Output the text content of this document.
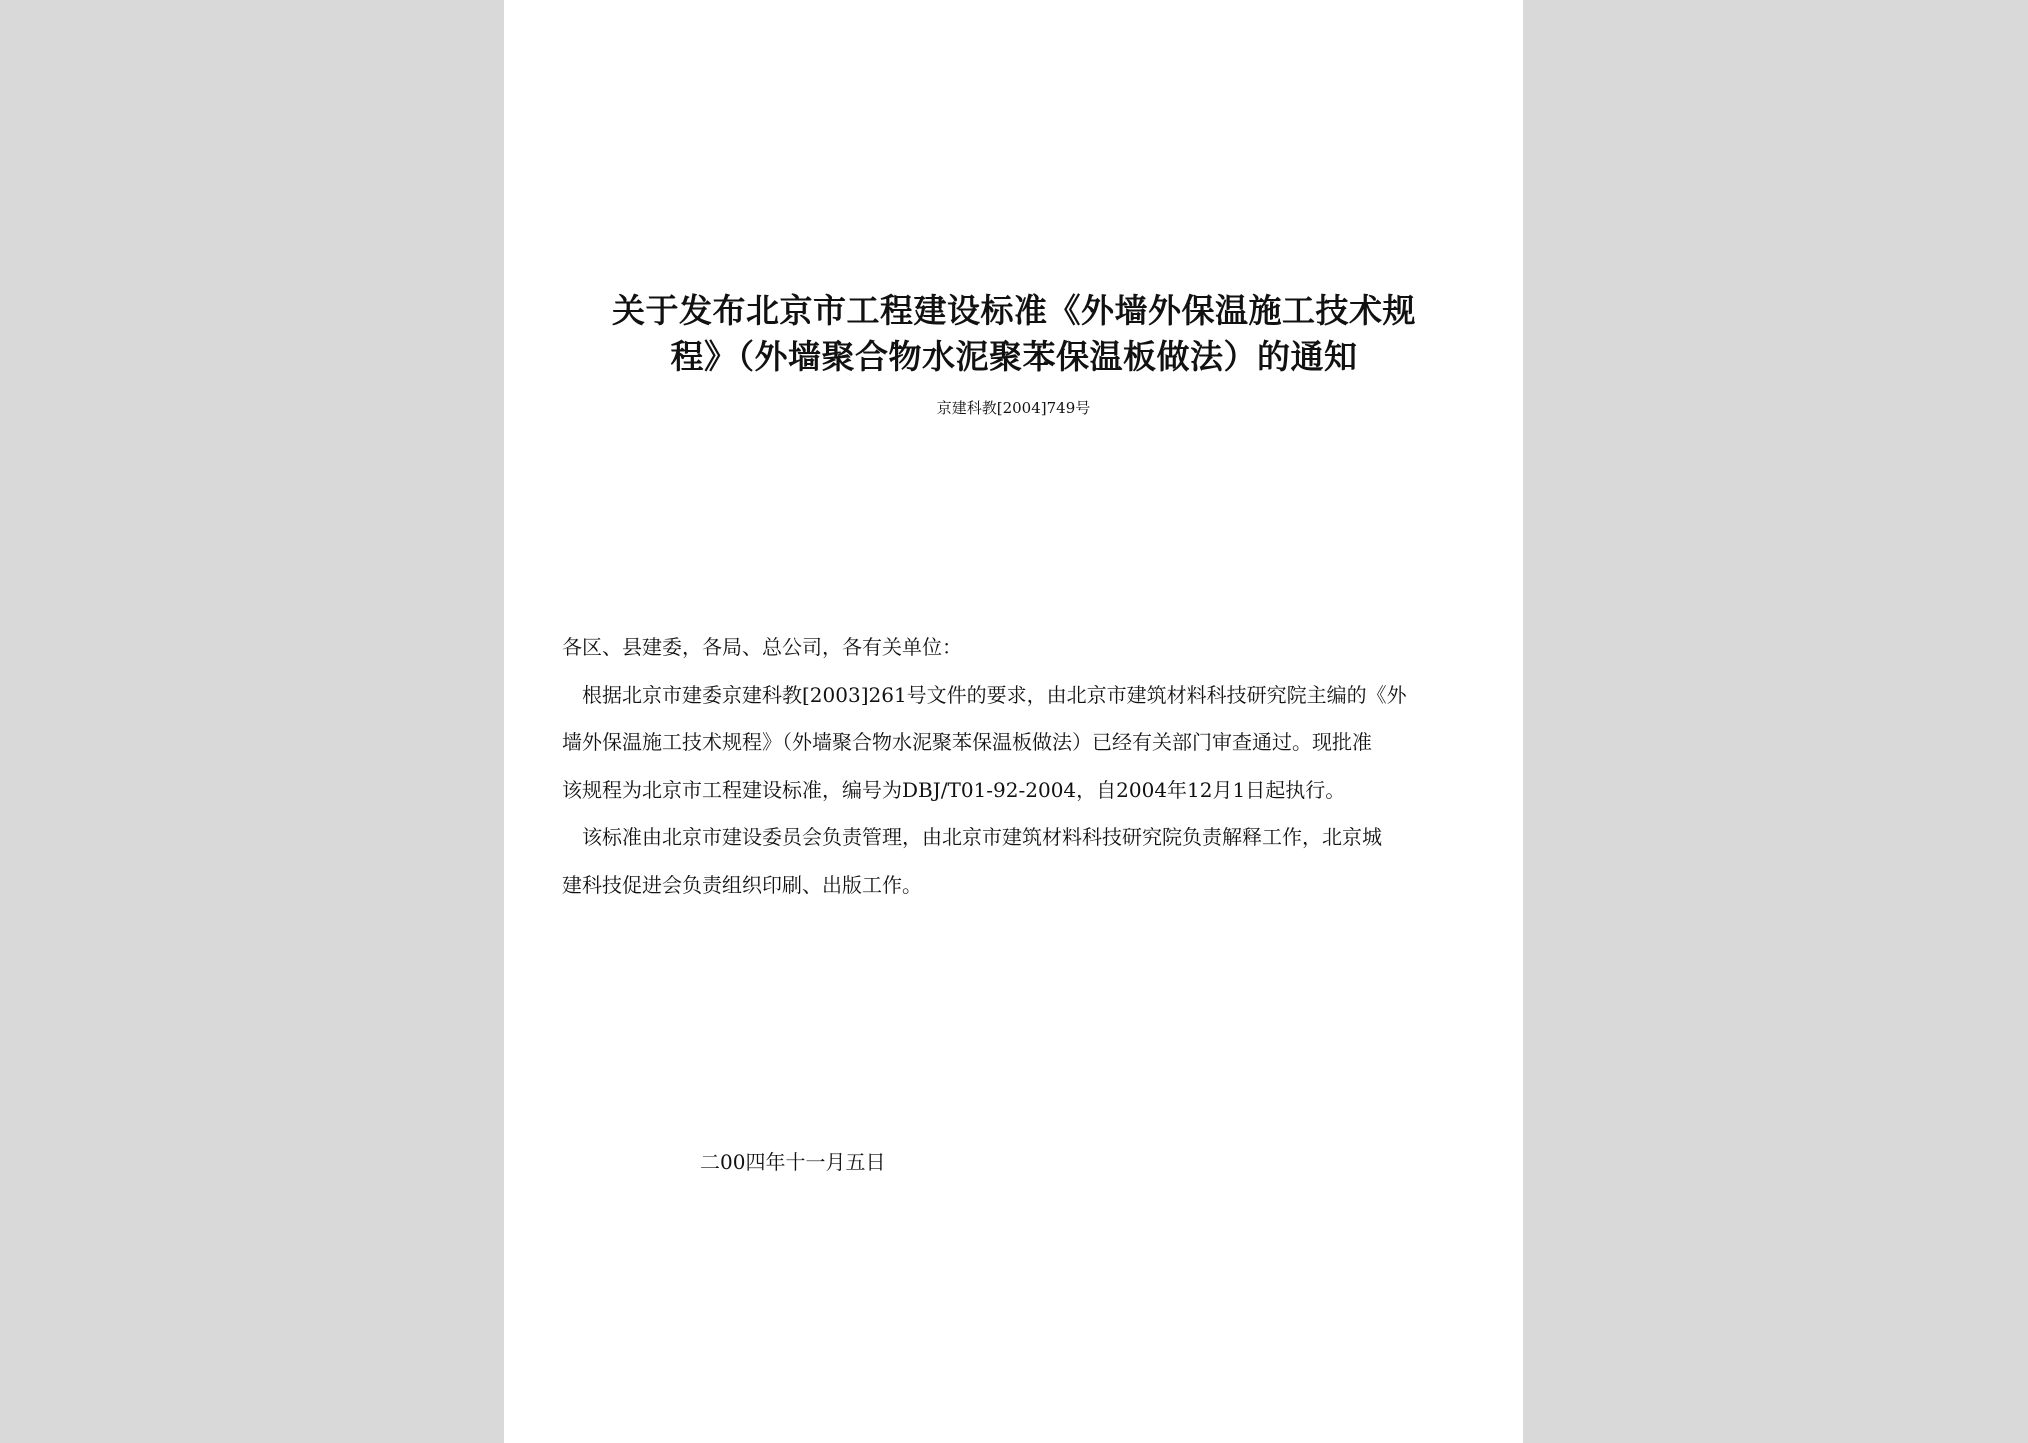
关于发布北京市工程建设标准《外墙外保温施工技术规
程》（外墙聚合物水泥聚苯保温板做法）的通知
京建科教[2004]749号
各区、县建委，各局、总公司，各有关单位：
根据北京市建委京建科教[2003]261号文件的要求，由北京市建筑材料科技研究院主编的《外
墙外保温施工技术规程》（外墙聚合物水泥聚苯保温板做法）已经有关部门审查通过。现批准
该规程为北京市工程建设标准，编号为DBJ/T01-92-2004，自2004年12月1日起执行。
该标准由北京市建设委员会负责管理，由北京市建筑材料科技研究院负责解释工作，北京城
建科技促进会负责组织印刷、出版工作。
二00四年十一月五日
